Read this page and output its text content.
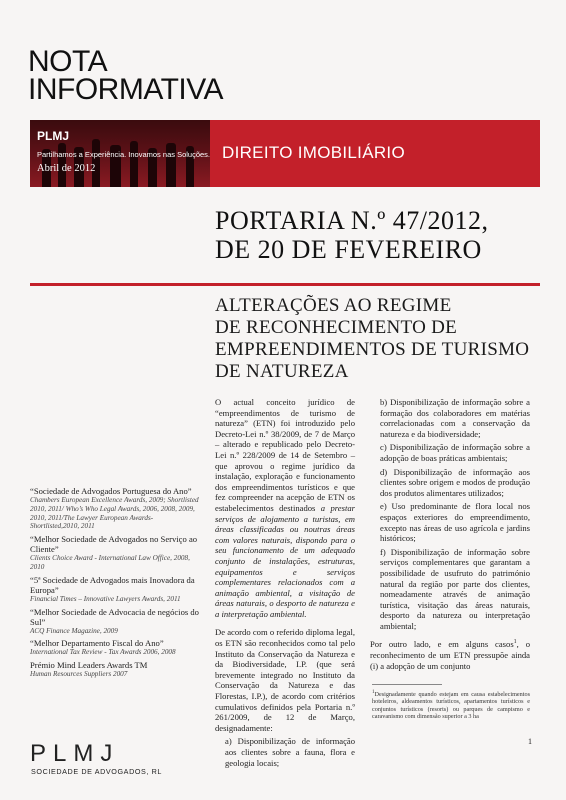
NOTA
INFORMATIVA
PLMJ
Partilhamos a Experiência. Inovamos nas Soluções.
Abril de 2012
DIREITO IMOBILIÁRIO
PORTARIA N.º 47/2012,
DE 20 DE FEVEREIRO
ALTERAÇÕES AO REGIME
DE RECONHECIMENTO DE
EMPREENDIMENTOS DE TURISMO
DE NATUREZA

O actual conceito jurídico de “empreendimentos de turismo de natureza” (ETN) foi introduzido pelo Decreto-Lei n.º 38/2009, de 7 de Março – alterado e republicado pelo Decreto-Lei n.º 228/2009 de 14 de Setembro – que aprovou o regime jurídico da instalação, exploração e funcionamento dos empreendimentos turísticos e que fez compreender na acepção de ETN os estabelecimentos destinados a prestar serviços de alojamento a turistas, em áreas classificadas ou noutras áreas com valores naturais, dispondo para o seu funcionamento de um adequado conjunto de instalações, estruturas, equipamentos e serviços complementares relacionados com a animação ambiental, a visitação de áreas naturais, o desporto de natureza e a interpretação ambiental.

De acordo com o referido diploma legal, os ETN são reconhecidos como tal pelo Instituto da Conservação da Natureza e da Biodiversidade, I.P. (que será brevemente integrado no Instituto da Conservação da Natureza e das Florestas, I.P.), de acordo com critérios cumulativos definidos pela Portaria n.º 261/2009, de 12 de Março, designadamente:

a) Disponibilização de informação aos clientes sobre a fauna, flora e geologia locais;

b) Disponibilização de informação sobre a formação dos colaboradores em matérias correlacionadas com a conservação da natureza e da biodiversidade;

c) Disponibilização de informação sobre a adopção de boas práticas ambientais;

d) Disponibilização de informação aos clientes sobre origem e modos de produção dos produtos alimentares utilizados;

e) Uso predominante de flora local nos espaços exteriores do empreendimento, excepto nas áreas de uso agrícola e jardins históricos;

f) Disponibilização de informação sobre serviços complementares que garantam a possibilidade de usufruto do património natural da região por parte dos clientes, nomeadamente através de animação turística, visitação das áreas naturais, desporto da natureza ou interpretação ambiental;

Por outro lado, e em alguns casos$^1$, o reconhecimento de um ETN pressupõe ainda (i) a adopção de um conjunto

$^1$Designadamente quando estejam em causa estabelecimentos hoteleiros, aldeamentos turísticos, apartamentos turísticos e conjuntos turísticos (resorts) ou parques de campismo e caravanismo com dimensão superior a 3 ha
“Sociedade de Advogados Portuguesa do Ano”
Chambers European Excellence Awards, 2009; Shortlisted 2010, 2011/ Who’s Who Legal Awards, 2006, 2008, 2009, 2010, 2011/The Lawyer European Awards-Shortlisted,2010, 2011
“Melhor Sociedade de Advogados no Serviço ao Cliente”
Clients Choice Award - International Law Office, 2008, 2010
“5ª Sociedade de Advogados mais Inovadora da Europa”
Financial Times – Innovative Lawyers Awards, 2011
“Melhor Sociedade de Advocacia de negócios do Sul”
ACQ Finance Magazine, 2009
“Melhor Departamento Fiscal do Ano”
International Tax Review - Tax Awards 2006, 2008
Prémio Mind Leaders Awards TM
Human Resources Suppliers 2007
PLMJ
SOCIEDADE DE ADVOGADOS, RL
1
